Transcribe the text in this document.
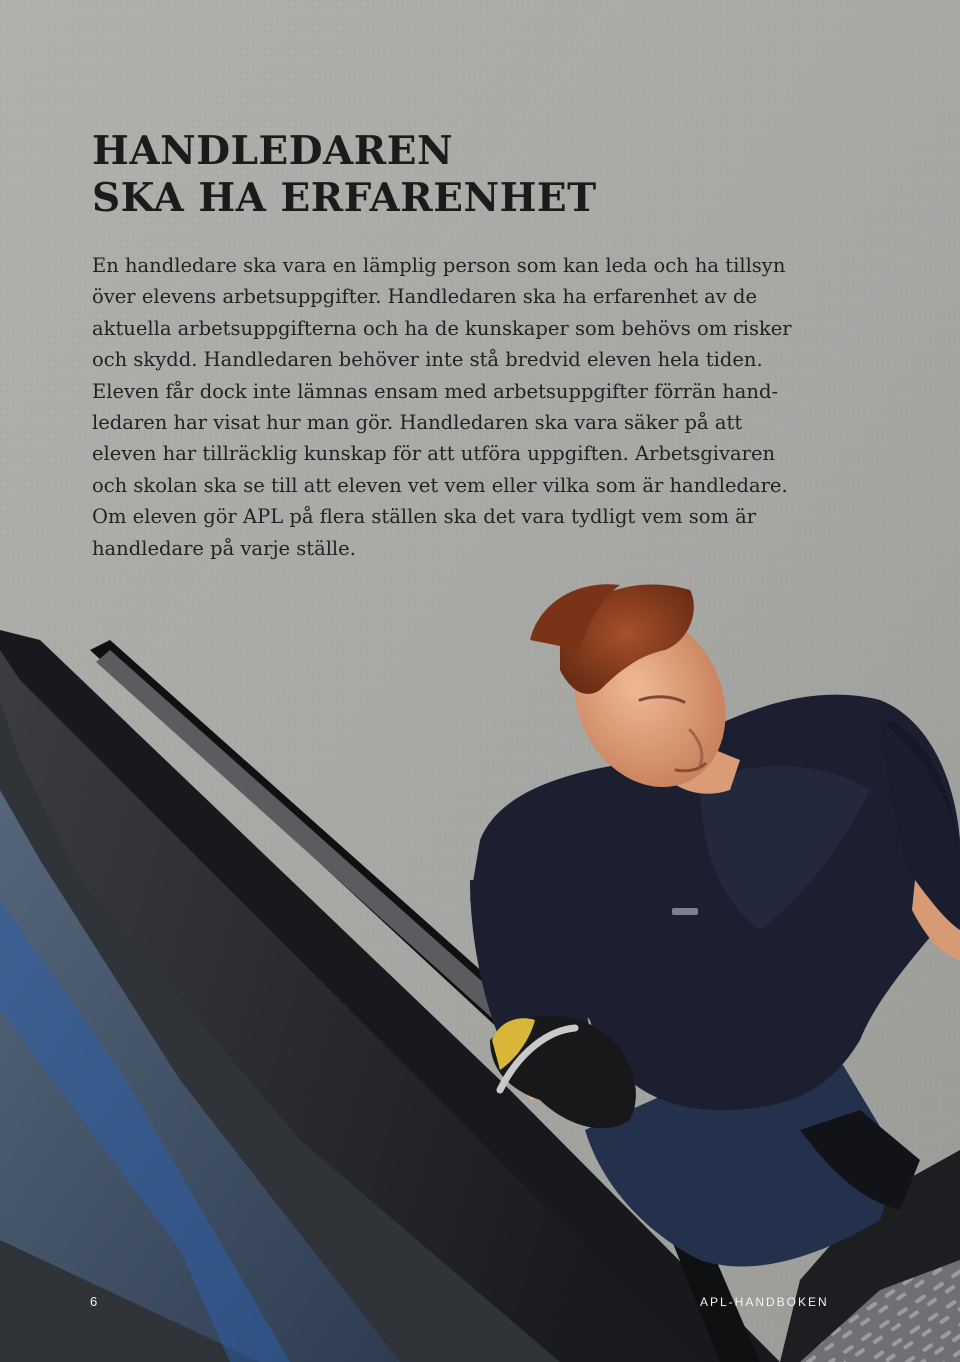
HANDLEDAREN
SKA HA ERFARENHET

En handledare ska vara en lämplig person som kan leda och ha tillsyn
över elevens arbetsuppgifter. Handledaren ska ha erfarenhet av de
aktuella arbetsuppgifterna och ha de kunskaper som behövs om risker
och skydd. Handledaren behöver inte stå bredvid eleven hela tiden.
Eleven får dock inte lämnas ensam med arbetsuppgifter förrän hand-
ledaren har visat hur man gör. Handledaren ska vara säker på att
eleven har tillräcklig kunskap för att utföra uppgiften. Arbetsgivaren
och skolan ska se till att eleven vet vem eller vilka som är handledare.
Om eleven gör APL på flera ställen ska det vara tydligt vem som är
handledare på varje ställe.

6	APL-HANDBOKEN
